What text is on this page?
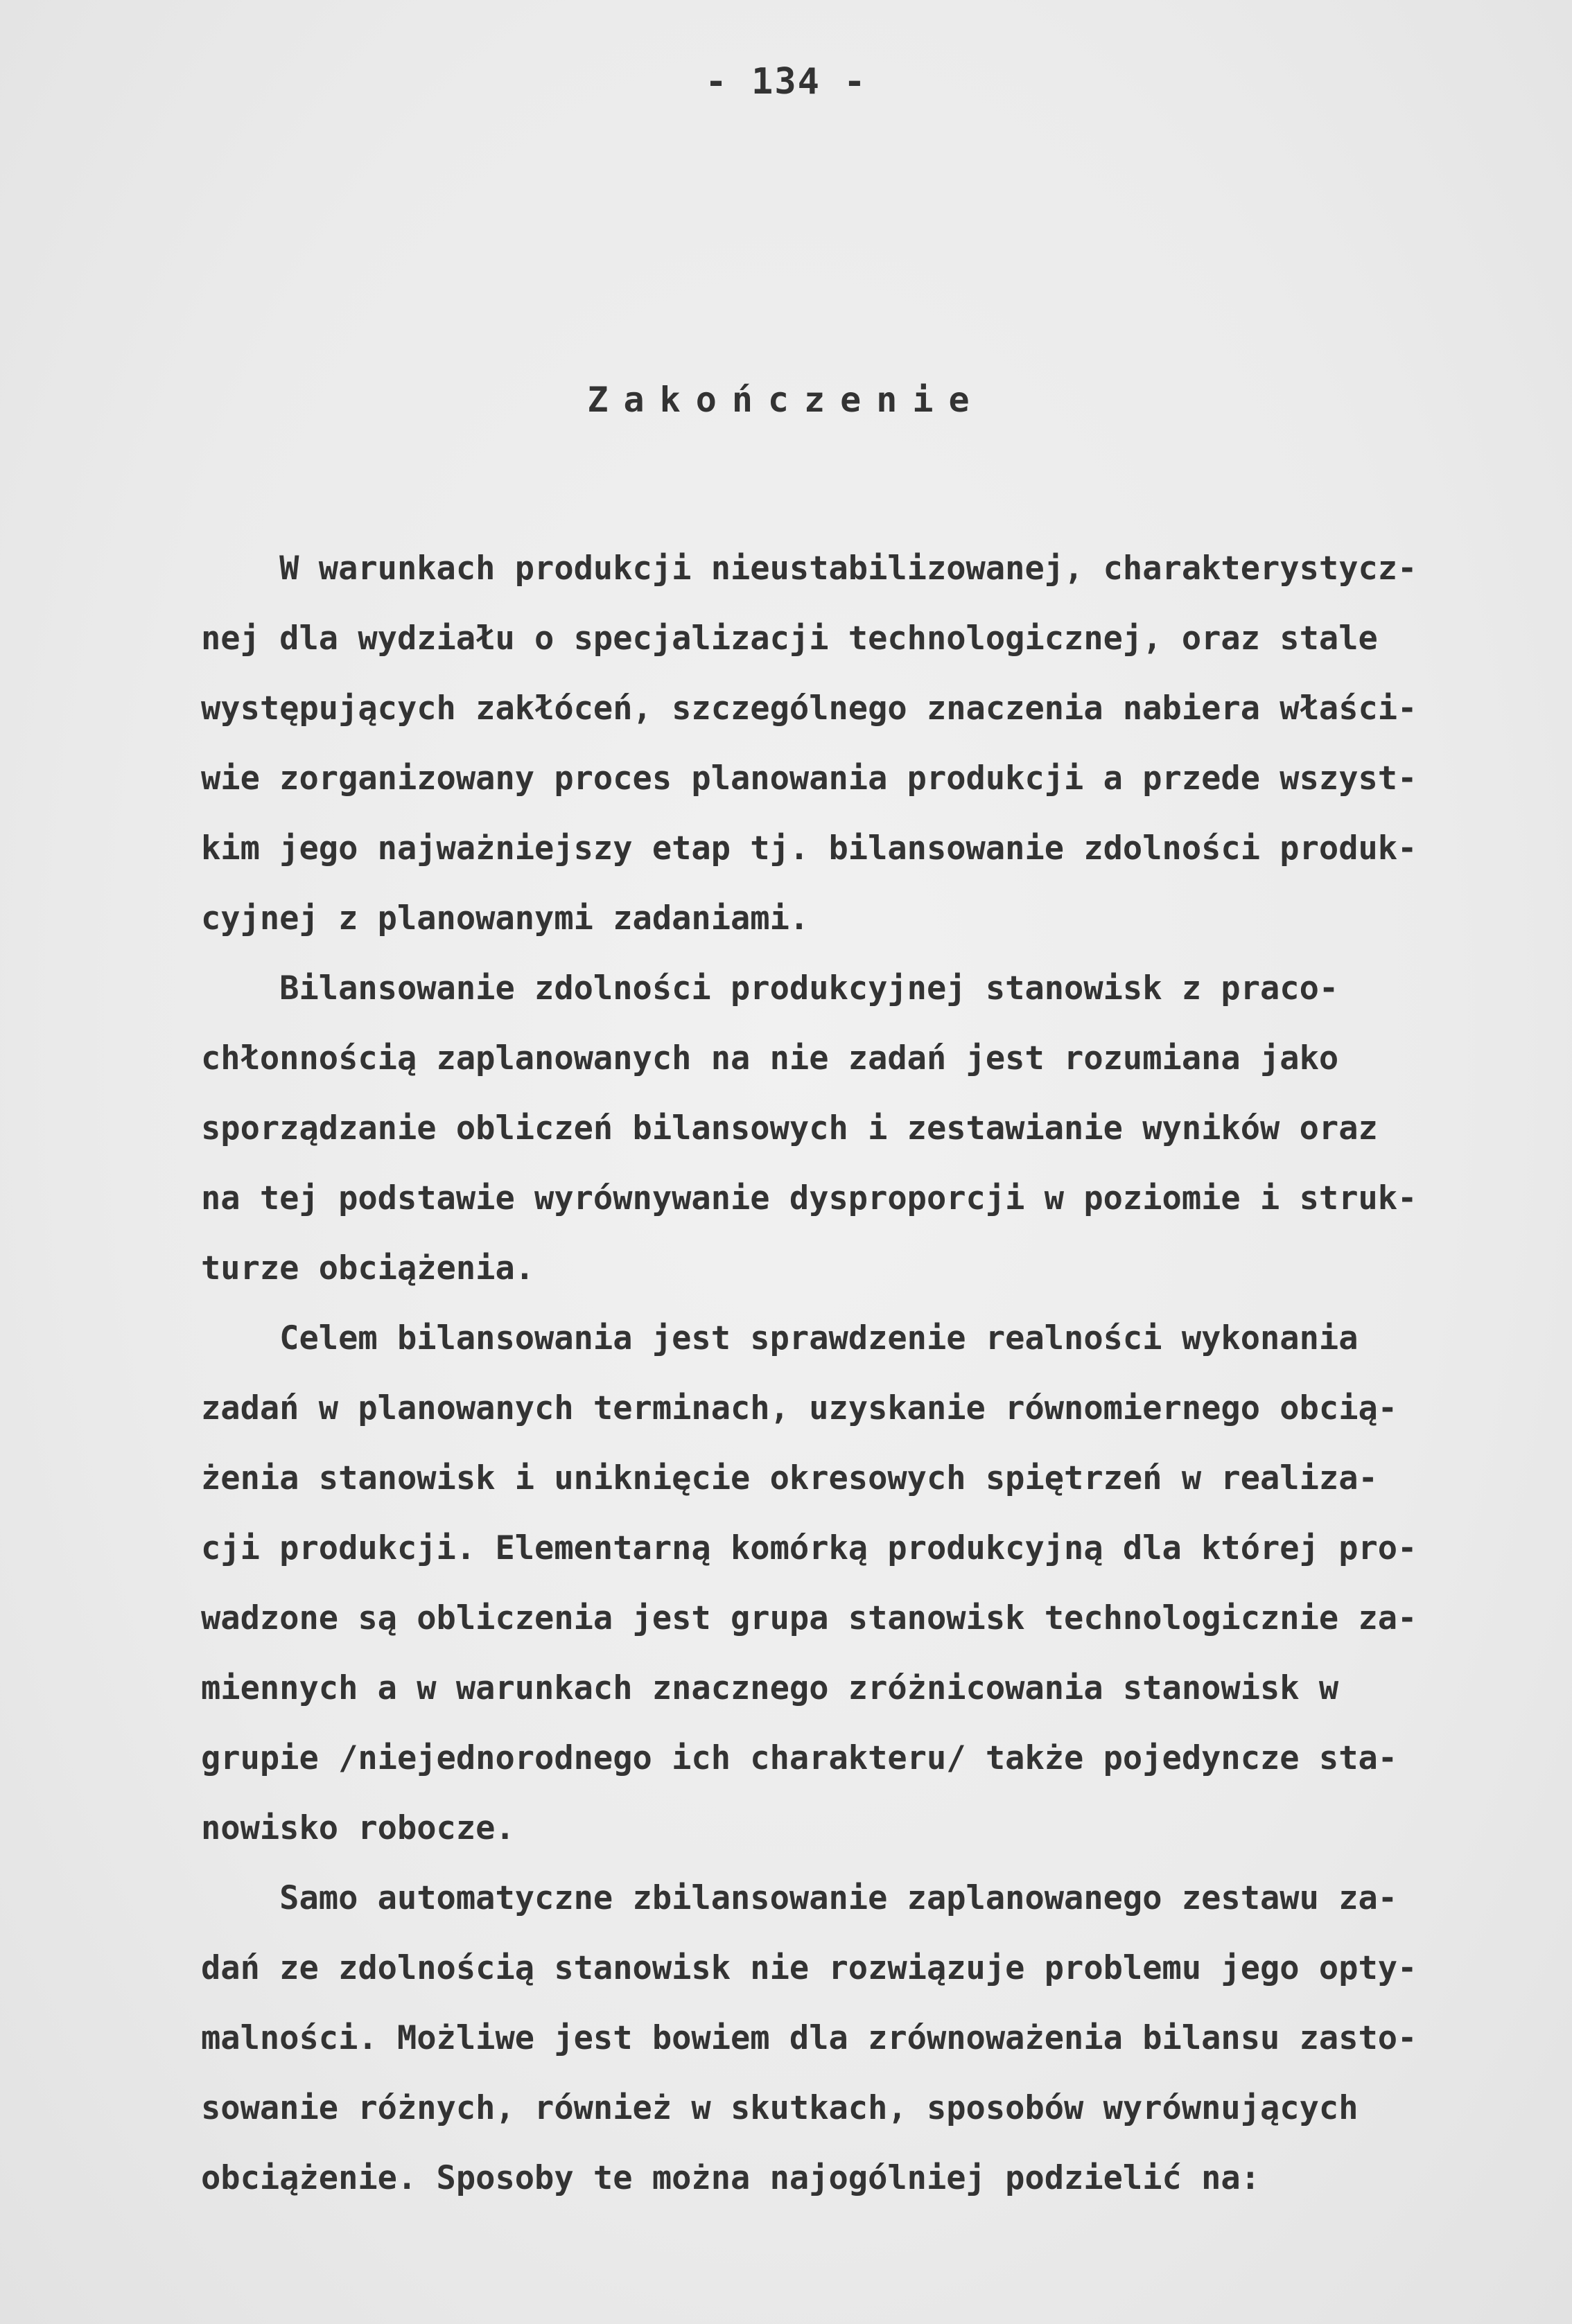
- 134 -
Zakończenie
W warunkach produkcji nieustabilizowanej, charakterystycz-
nej dla wydziału o specjalizacji technologicznej, oraz stale
występujących zakłóceń, szczególnego znaczenia nabiera właści-
wie zorganizowany proces planowania produkcji a przede wszyst-
kim jego najważniejszy etap tj. bilansowanie zdolności produk-
cyjnej z planowanymi zadaniami.
Bilansowanie zdolności produkcyjnej stanowisk z praco-
chłonnością zaplanowanych na nie zadań jest rozumiana jako
sporządzanie obliczeń bilansowych i zestawianie wyników oraz
na tej podstawie wyrównywanie dysproporcji w poziomie i struk-
turze obciążenia.
Celem bilansowania jest sprawdzenie realności wykonania
zadań w planowanych terminach, uzyskanie równomiernego obcią-
żenia stanowisk i uniknięcie okresowych spiętrzeń w realiza-
cji produkcji. Elementarną komórką produkcyjną dla której pro-
wadzone są obliczenia jest grupa stanowisk technologicznie za-
miennych a w warunkach znacznego zróżnicowania stanowisk w
grupie /niejednorodnego ich charakteru/ także pojedyncze sta-
nowisko robocze.
Samo automatyczne zbilansowanie zaplanowanego zestawu za-
dań ze zdolnością stanowisk nie rozwiązuje problemu jego opty-
malności. Możliwe jest bowiem dla zrównoważenia bilansu zasto-
sowanie różnych, również w skutkach, sposobów wyrównujących
obciążenie. Sposoby te można najogólniej podzielić na:
